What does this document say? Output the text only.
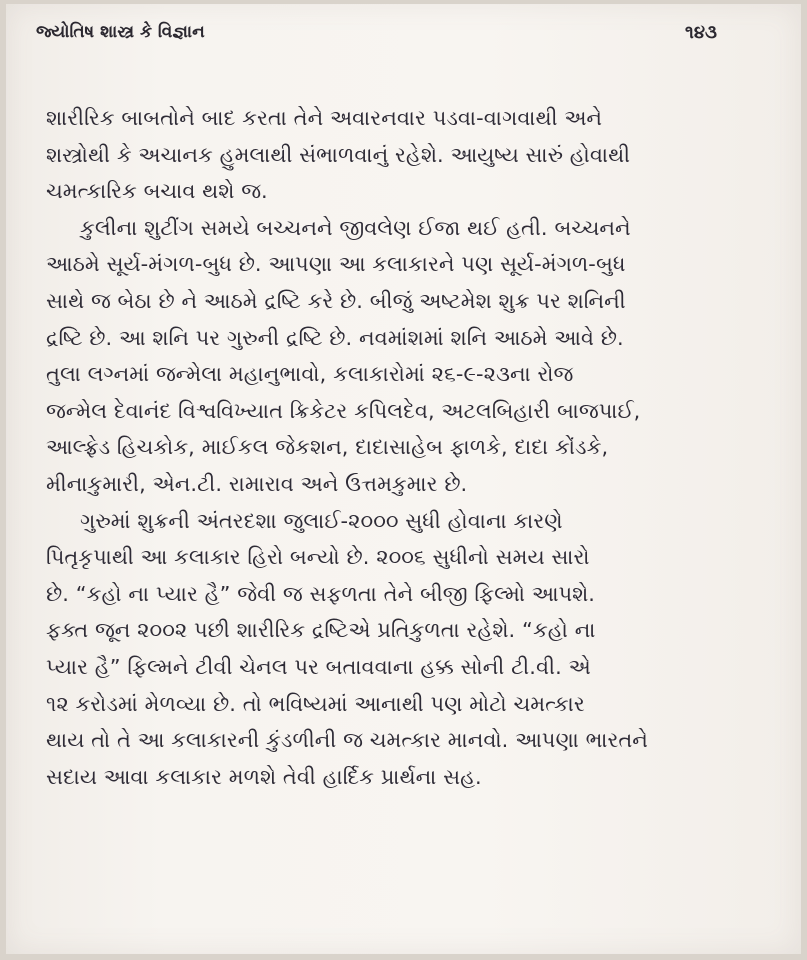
જ્યોતિષ શાસ્ત્ર કે વિજ્ઞાન	૧૪૩
શારીરિક બાબતોને બાદ કરતા તેને અવારનવાર પડવા-વાગવાથી અને
શસ્ત્રોથી કે અચાનક હુમલાથી સંભાળવાનું રહેશે. આયુષ્ય સારું હોવાથી
ચમત્કારિક બચાવ થશે જ.
કુલીના શુટીંગ સમયે બચ્ચનને જીવલેણ ઈજા થઈ હતી. બચ્ચનને
આઠમે સૂર્ય-મંગળ-બુધ છે. આપણા આ કલાકારને પણ સૂર્ય-મંગળ-બુધ
સાથે જ બેઠા છે ને આઠમે દ્રષ્ટિ કરે છે. બીજું અષ્ટમેશ શુક્ર પર શનિની
દ્રષ્ટિ છે. આ શનિ પર ગુરુની દ્રષ્ટિ છે. નવમાંશમાં શનિ આઠમે આવે છે.
તુલા લગ્નમાં જન્મેલા મહાનુભાવો, કલાકારોમાં ૨૬-૯-૨૩ના રોજ
જન્મેલ દેવાનંદ વિશ્વવિખ્યાત ક્રિકેટર કપિલદેવ, અટલબિહારી બાજપાઈ,
આલ્ફ્રેડ હિચકોક, માઈકલ જેકશન, દાદાસાહેબ ફાળકે, દાદા કોંડકે,
મીનાકુમારી, એન.ટી. રામારાવ અને ઉત્તમકુમાર છે.
ગુરુમાં શુક્રની અંતરદશા જુલાઈ-૨૦૦૦ સુધી હોવાના કારણે
પિતૃકૃપાથી આ કલાકાર હિરો બન્યો છે. ૨૦૦૬ સુધીનો સમય સારો
છે. “કહો ના પ્યાર હૈ” જેવી જ સફળતા તેને બીજી ફિલ્મો આપશે.
ફક્ત જૂન ૨૦૦૨ પછી શારીરિક દ્રષ્ટિએ પ્રતિકુળતા રહેશે. “કહો ના
પ્યાર હૈ” ફિલ્મને ટીવી ચેનલ પર બતાવવાના હક્ક સોની ટી.વી. એ
૧૨ કરોડમાં મેળવ્યા છે. તો ભવિષ્યમાં આનાથી પણ મોટો ચમત્કાર
થાય તો તે આ કલાકારની કુંડળીની જ ચમત્કાર માનવો. આપણા ભારતને
સદાય આવા કલાકાર મળશે તેવી હાર્દિક પ્રાર્થના સહ.
